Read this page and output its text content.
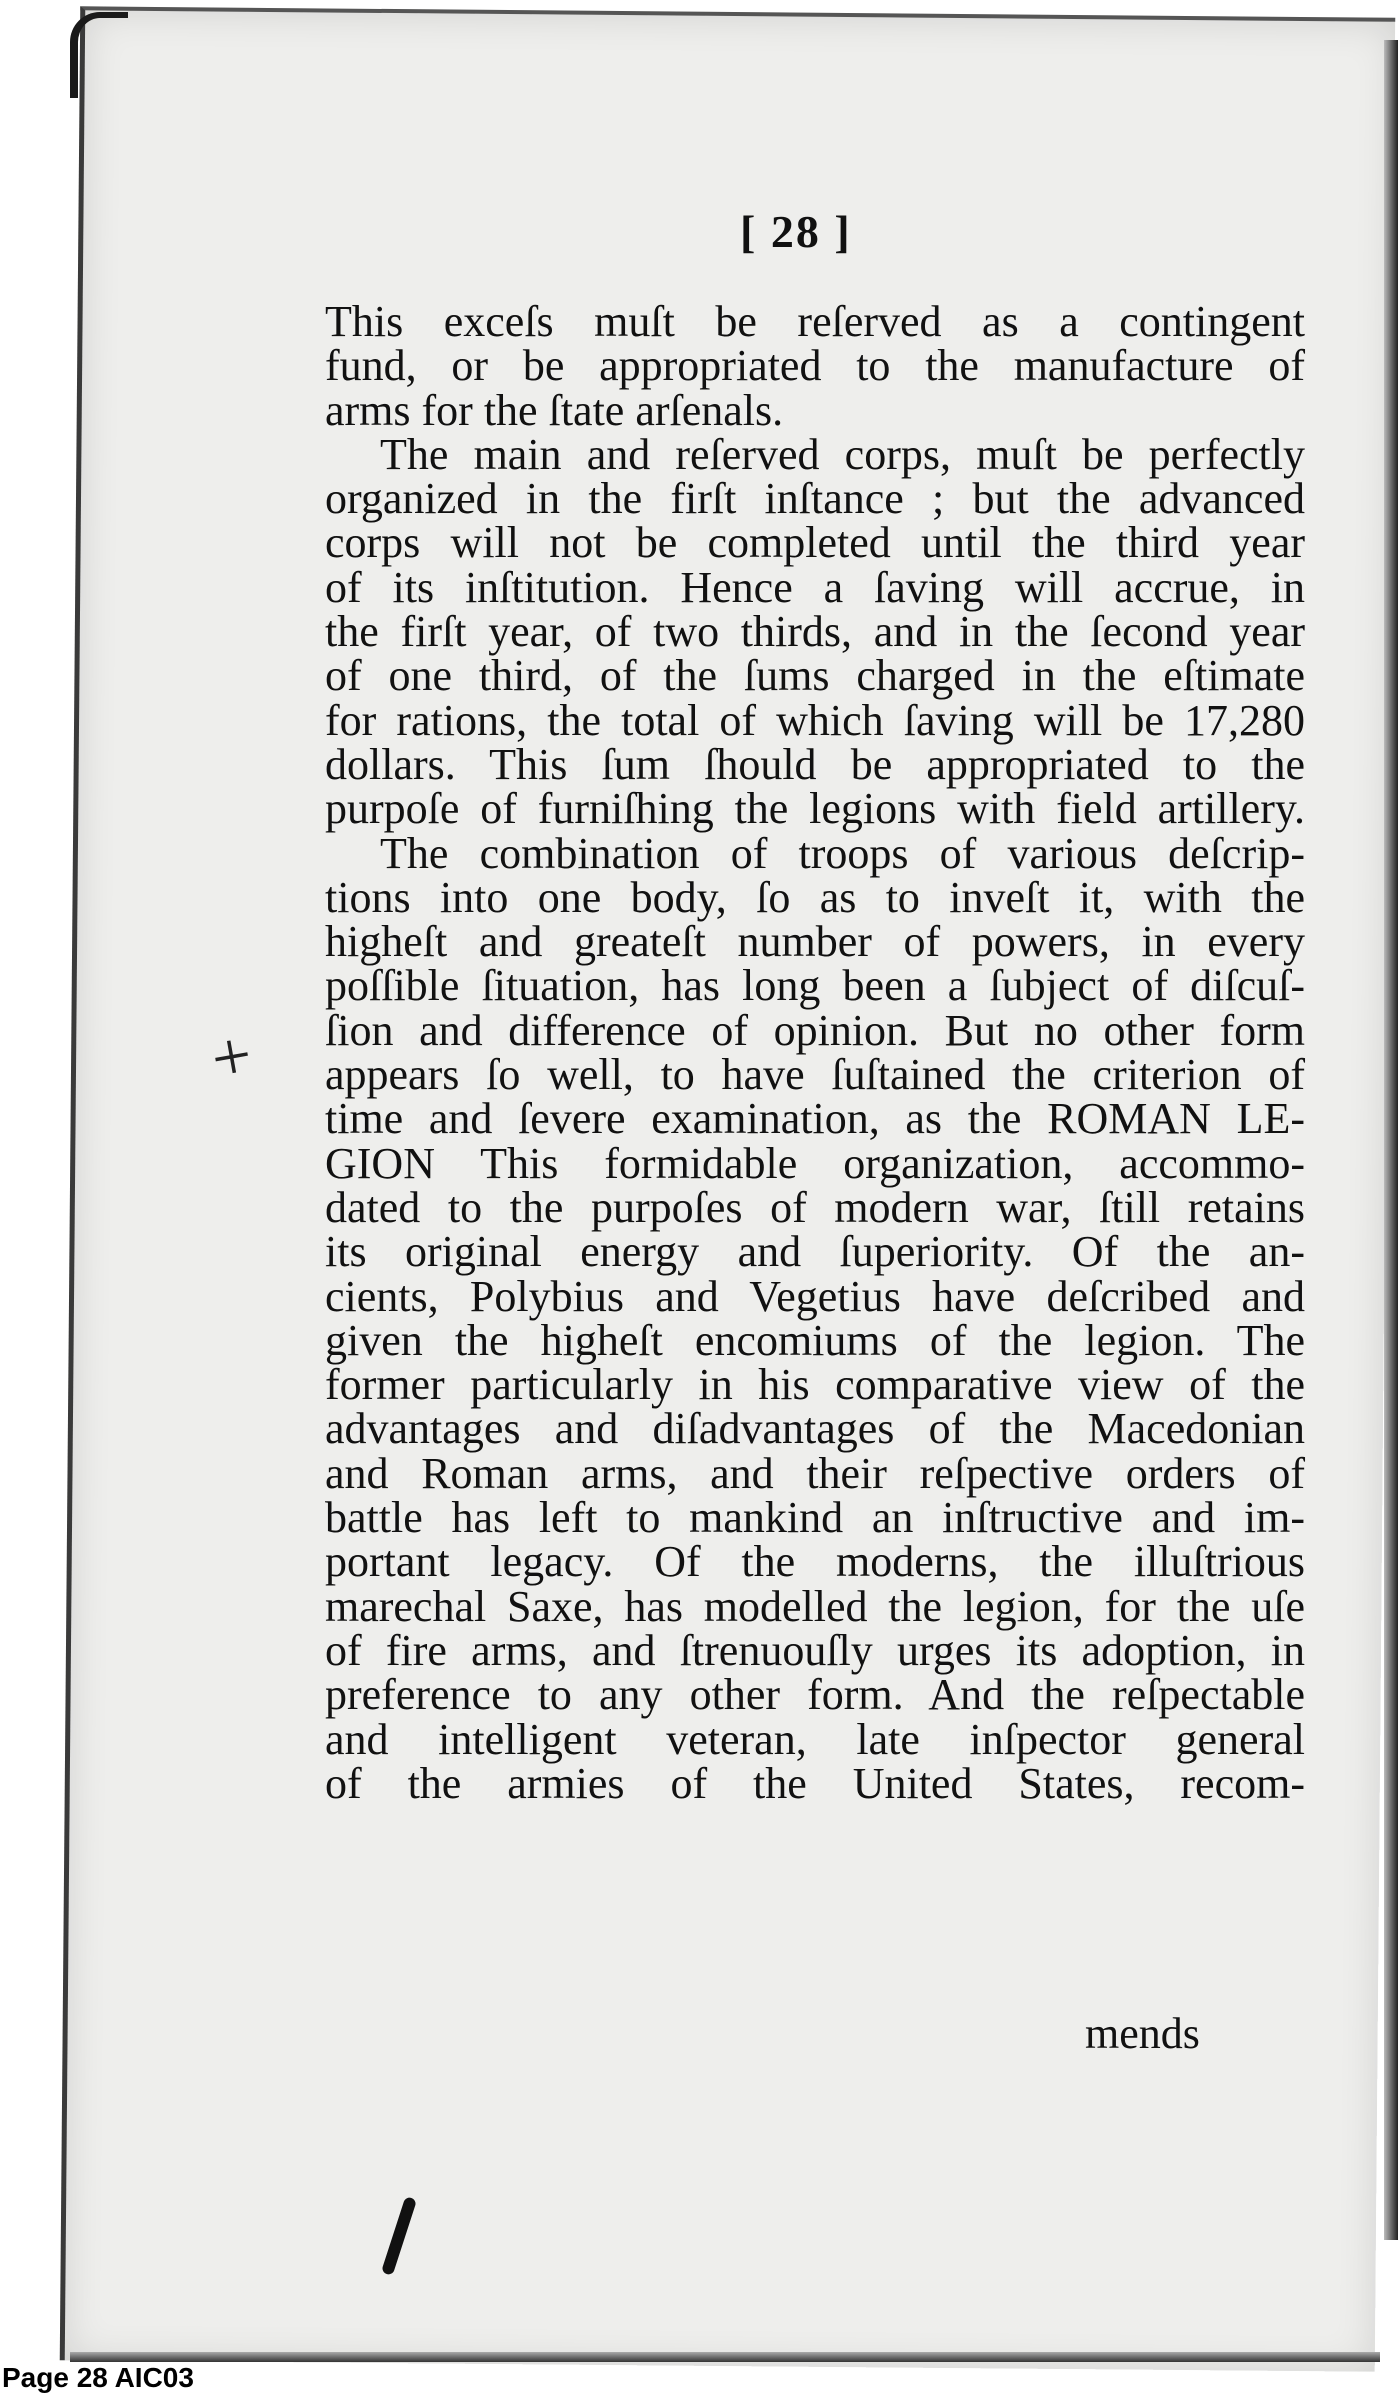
[ 28 ]
This exceſs muſt be reſerved as a contingent
fund, or be appropriated to the manufacture of
arms for the ſtate arſenals.
The main and reſerved corps, muſt be perfectly
organized in the firſt inſtance ; but the advanced
corps will not be completed until the third year
of its inſtitution. Hence a ſaving will accrue, in
the firſt year, of two thirds, and in the ſecond year
of one third, of the ſums charged in the eſtimate
for rations, the total of which ſaving will be 17,280
dollars. This ſum ſhould be appropriated to the
purpoſe of furniſhing the legions with field artillery.
The combination of troops of various deſcrip-
tions into one body, ſo as to inveſt it, with the
higheſt and greateſt number of powers, in every
poſſible ſituation, has long been a ſubject of diſcuſ-
ſion and difference of opinion. But no other form
appears ſo well, to have ſuſtained the criterion of
time and ſevere examination, as the ROMAN LE-
GION This formidable organization, accommo-
dated to the purpoſes of modern war, ſtill retains
its original energy and ſuperiority. Of the an-
cients, Polybius and Vegetius have deſcribed and
given the higheſt encomiums of the legion. The
former particularly in his comparative view of the
advantages and diſadvantages of the Macedonian
and Roman arms, and their reſpective orders of
battle has left to mankind an inſtructive and im-
portant legacy. Of the moderns, the illuſtrious
marechal Saxe, has modelled the legion, for the uſe
of fire arms, and ſtrenuouſly urges its adoption, in
preference to any other form. And the reſpectable
and intelligent veteran, late inſpector general
of the armies of the United States, recom-
mends
+
Page 28 AIC03
